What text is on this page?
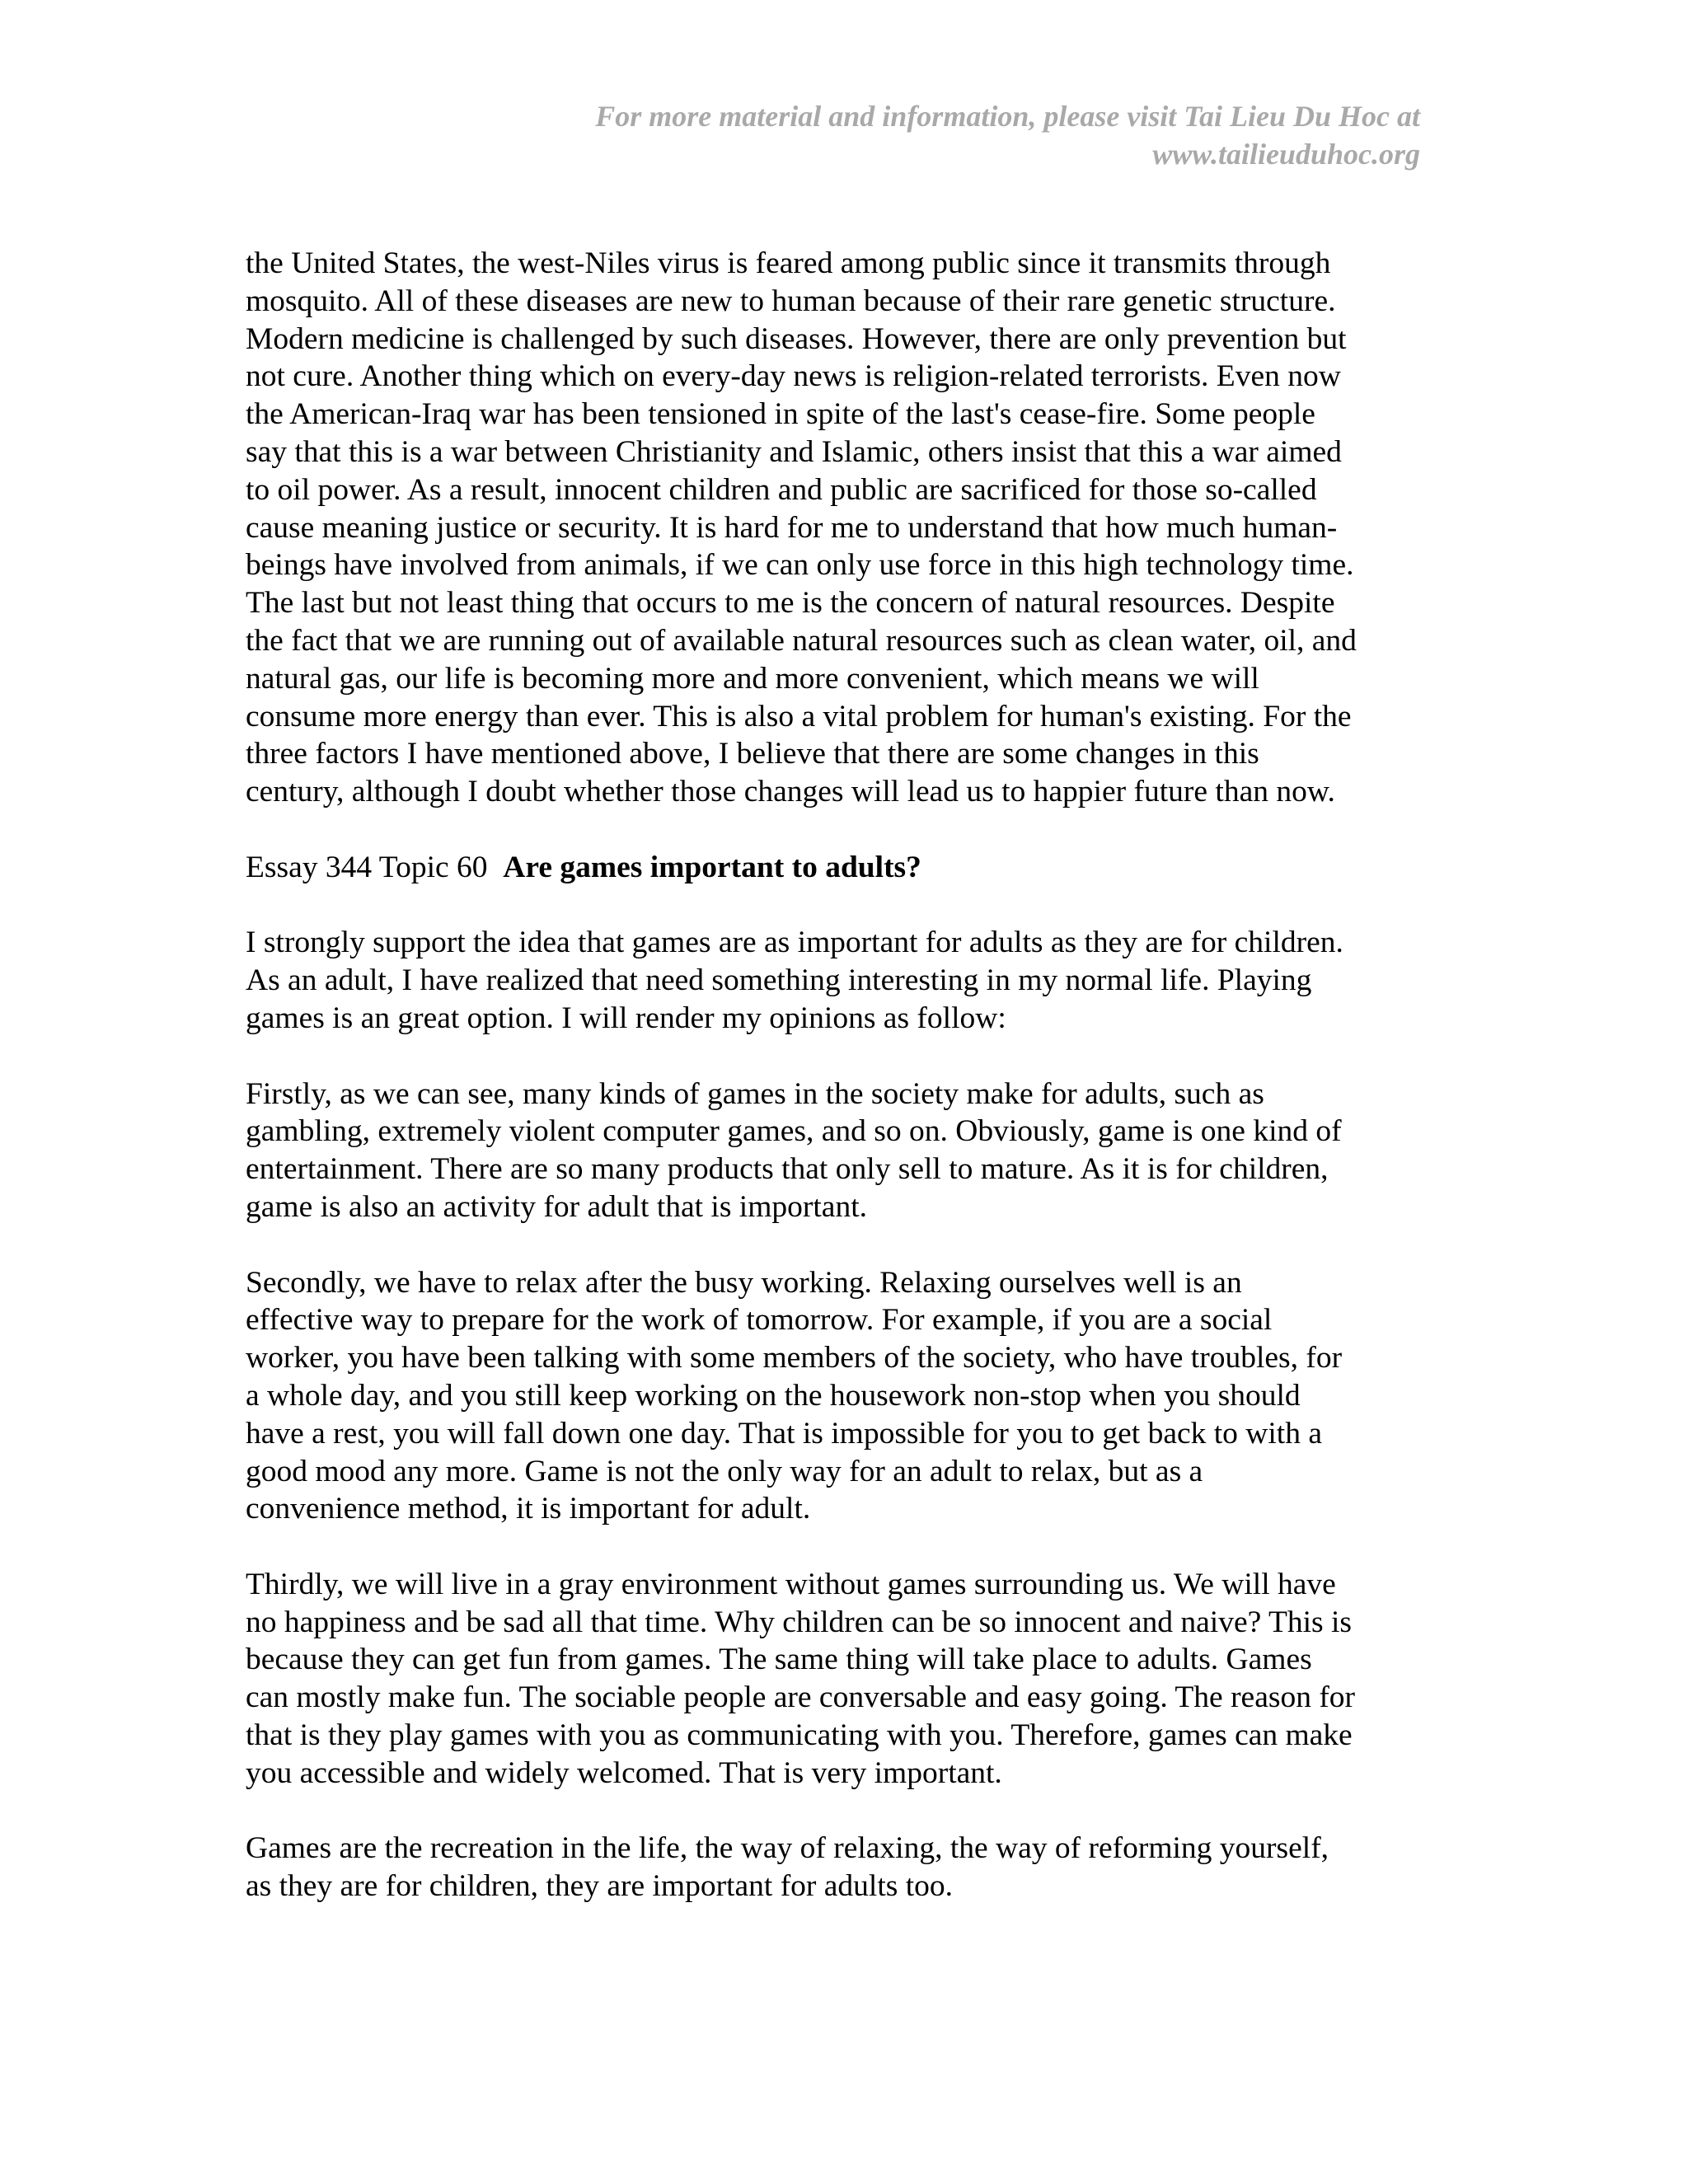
For more material and information, please visit Tai Lieu Du Hoc at
www.tailieuduhoc.org
the United States, the west-Niles virus is feared among public since it transmits through
mosquito. All of these diseases are new to human because of their rare genetic structure.
Modern medicine is challenged by such diseases. However, there are only prevention but
not cure. Another thing which on every-day news is religion-related terrorists. Even now
the American-Iraq war has been tensioned in spite of the last's cease-fire. Some people
say that this is a war between Christianity and Islamic, others insist that this a war aimed
to oil power. As a result, innocent children and public are sacrificed for those so-called
cause meaning justice or security. It is hard for me to understand that how much human-
beings have involved from animals, if we can only use force in this high technology time.
The last but not least thing that occurs to me is the concern of natural resources. Despite
the fact that we are running out of available natural resources such as clean water, oil, and
natural gas, our life is becoming more and more convenient, which means we will
consume more energy than ever. This is also a vital problem for human's existing. For the
three factors I have mentioned above, I believe that there are some changes in this
century, although I doubt whether those changes will lead us to happier future than now.
Essay 344 Topic 60 Are games important to adults?
I strongly support the idea that games are as important for adults as they are for children.
As an adult, I have realized that need something interesting in my normal life. Playing
games is an great option. I will render my opinions as follow:
Firstly, as we can see, many kinds of games in the society make for adults, such as
gambling, extremely violent computer games, and so on. Obviously, game is one kind of
entertainment. There are so many products that only sell to mature. As it is for children,
game is also an activity for adult that is important.
Secondly, we have to relax after the busy working. Relaxing ourselves well is an
effective way to prepare for the work of tomorrow. For example, if you are a social
worker, you have been talking with some members of the society, who have troubles, for
a whole day, and you still keep working on the housework non-stop when you should
have a rest, you will fall down one day. That is impossible for you to get back to with a
good mood any more. Game is not the only way for an adult to relax, but as a
convenience method, it is important for adult.
Thirdly, we will live in a gray environment without games surrounding us. We will have
no happiness and be sad all that time. Why children can be so innocent and naive? This is
because they can get fun from games. The same thing will take place to adults. Games
can mostly make fun. The sociable people are conversable and easy going. The reason for
that is they play games with you as communicating with you. Therefore, games can make
you accessible and widely welcomed. That is very important.
Games are the recreation in the life, the way of relaxing, the way of reforming yourself,
as they are for children, they are important for adults too.
